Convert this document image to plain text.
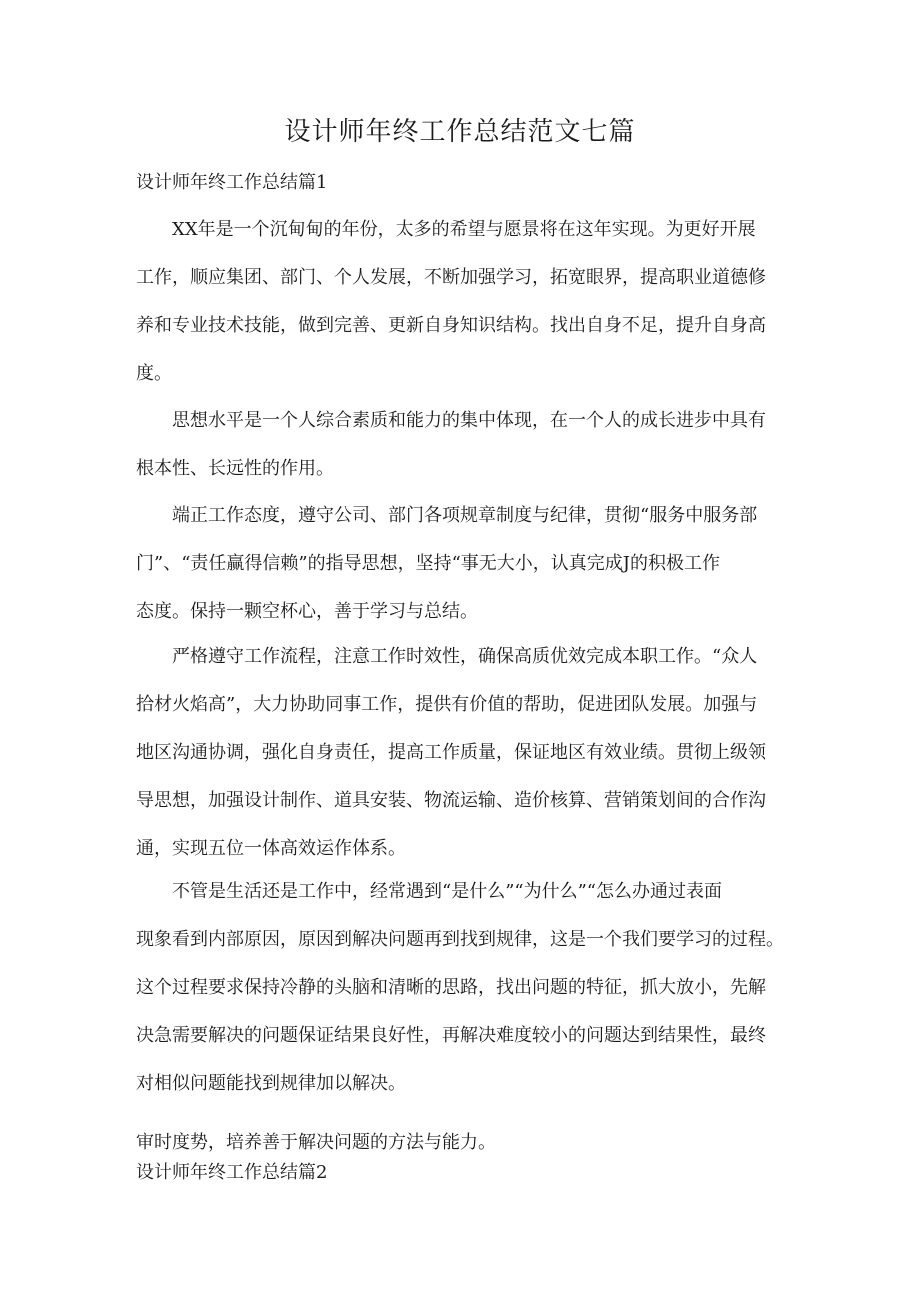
设计师年终工作总结范文七篇
设计师年终工作总结篇1

XX年是一个沉甸甸的年份，太多的希望与愿景将在这年实现。为更好开展
工作，顺应集团、部门、个人发展，不断加强学习，拓宽眼界，提高职业道德修
养和专业技术技能，做到完善、更新自身知识结构。找出自身不足，提升自身高
度。

思想水平是一个人综合素质和能力的集中体现，在一个人的成长进步中具有
根本性、长远性的作用。

端正工作态度，遵守公司、部门各项规章制度与纪律，贯彻“服务中服务部
门”、“责任赢得信赖”的指导思想，坚持“事无大小，认真完成J的积极工作
态度。保持一颗空杯心，善于学习与总结。

严格遵守工作流程，注意工作时效性，确保高质优效完成本职工作。“众人
拾材火焰高”，大力协助同事工作，提供有价值的帮助，促进团队发展。加强与
地区沟通协调，强化自身责任，提高工作质量，保证地区有效业绩。贯彻上级领
导思想，加强设计制作、道具安装、物流运输、造价核算、营销策划间的合作沟
通，实现五位一体高效运作体系。

不管是生活还是工作中，经常遇到“是什么”“为什么”“怎么办通过表面
现象看到内部原因，原因到解决问题再到找到规律，这是一个我们要学习的过程。
这个过程要求保持冷静的头脑和清晰的思路，找出问题的特征，抓大放小，先解
决急需要解决的问题保证结果良好性，再解决难度较小的问题达到结果性，最终
对相似问题能找到规律加以解决。

审时度势，培养善于解决问题的方法与能力。
设计师年终工作总结篇2
